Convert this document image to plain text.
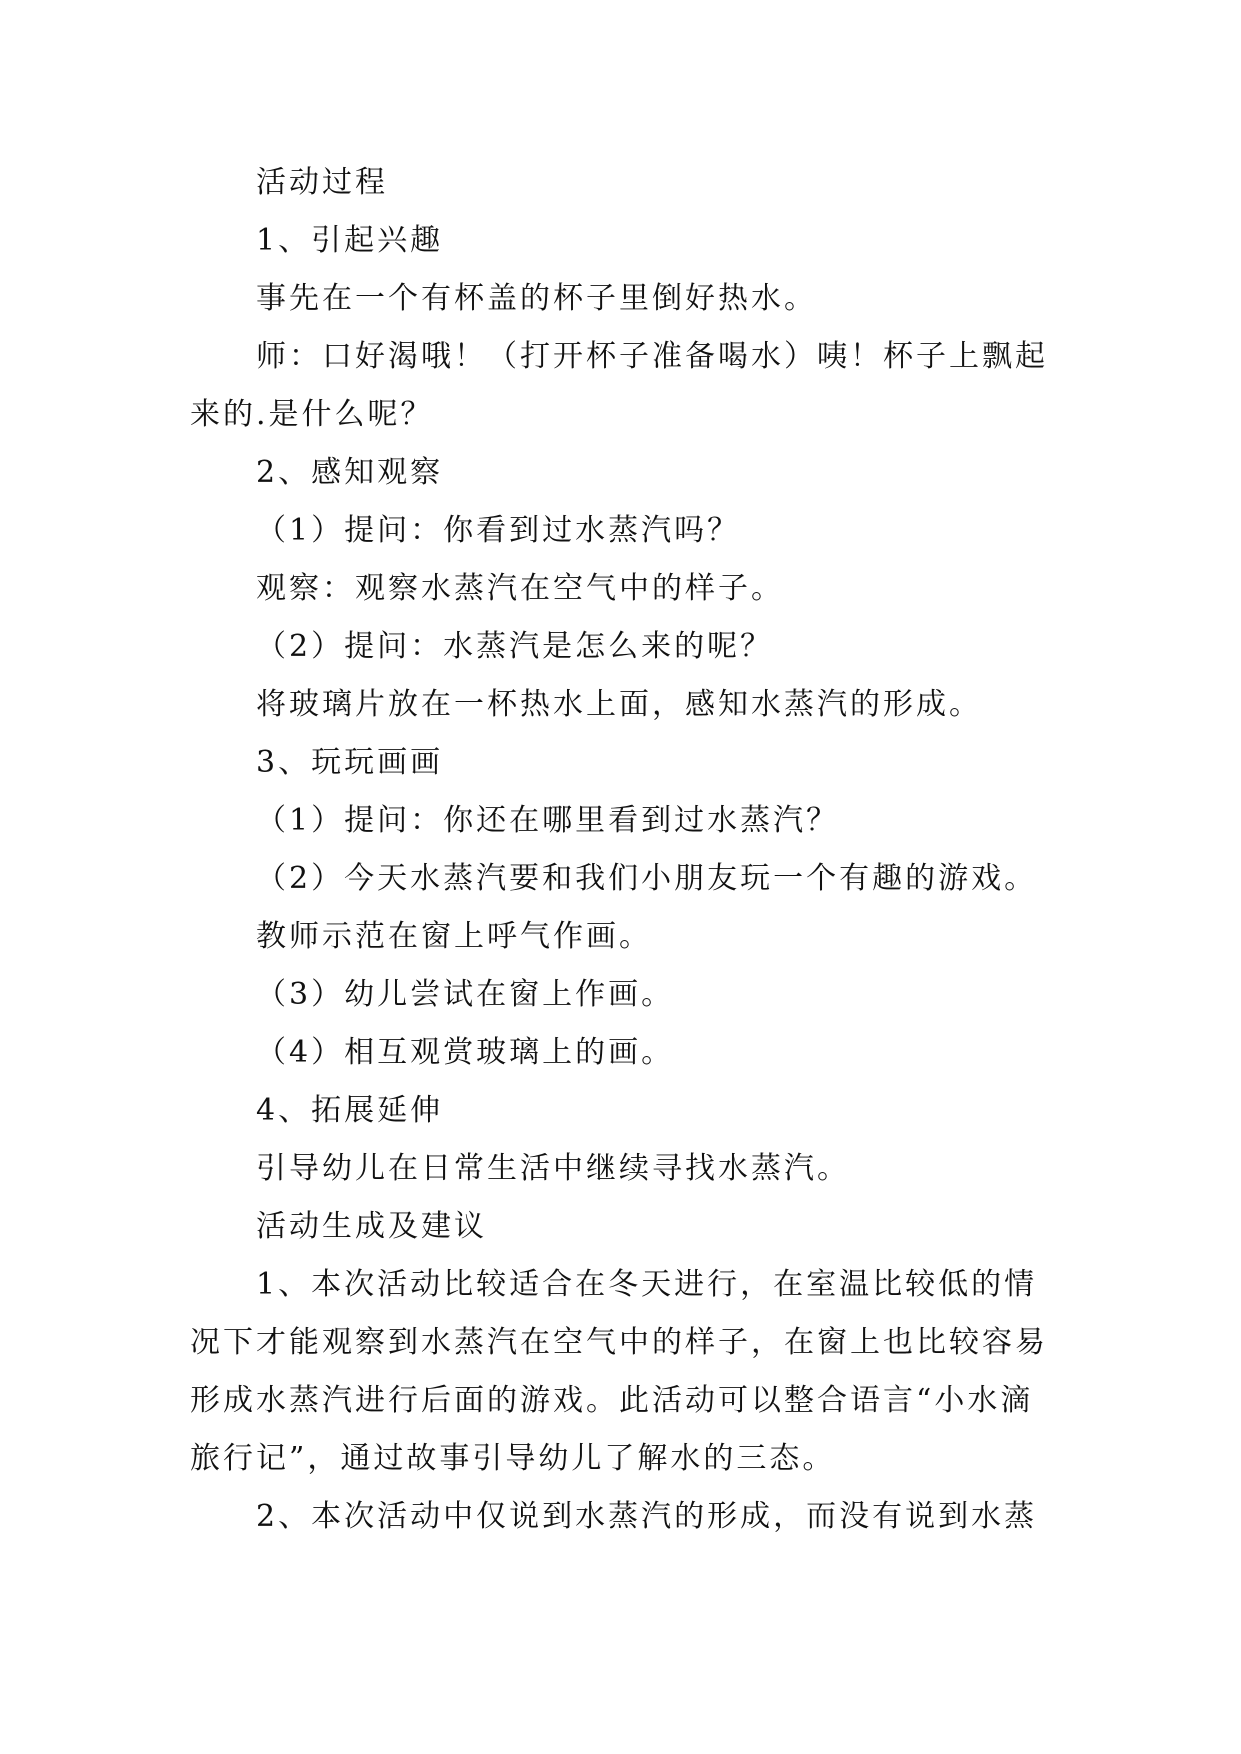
活动过程
1、引起兴趣
事先在一个有杯盖的杯子里倒好热水。
师：口好渴哦！（打开杯子准备喝水）咦！杯子上飘起
来的.是什么呢？
2、感知观察
（1）提问：你看到过水蒸汽吗？
观察：观察水蒸汽在空气中的样子。
（2）提问：水蒸汽是怎么来的呢？
将玻璃片放在一杯热水上面，感知水蒸汽的形成。
3、玩玩画画
（1）提问：你还在哪里看到过水蒸汽？
（2）今天水蒸汽要和我们小朋友玩一个有趣的游戏。
教师示范在窗上呼气作画。
（3）幼儿尝试在窗上作画。
（4）相互观赏玻璃上的画。
4、拓展延伸
引导幼儿在日常生活中继续寻找水蒸汽。
活动生成及建议
1、本次活动比较适合在冬天进行，在室温比较低的情
况下才能观察到水蒸汽在空气中的样子，在窗上也比较容易
形成水蒸汽进行后面的游戏。此活动可以整合语言“小水滴
旅行记”，通过故事引导幼儿了解水的三态。
2、本次活动中仅说到水蒸汽的形成，而没有说到水蒸
